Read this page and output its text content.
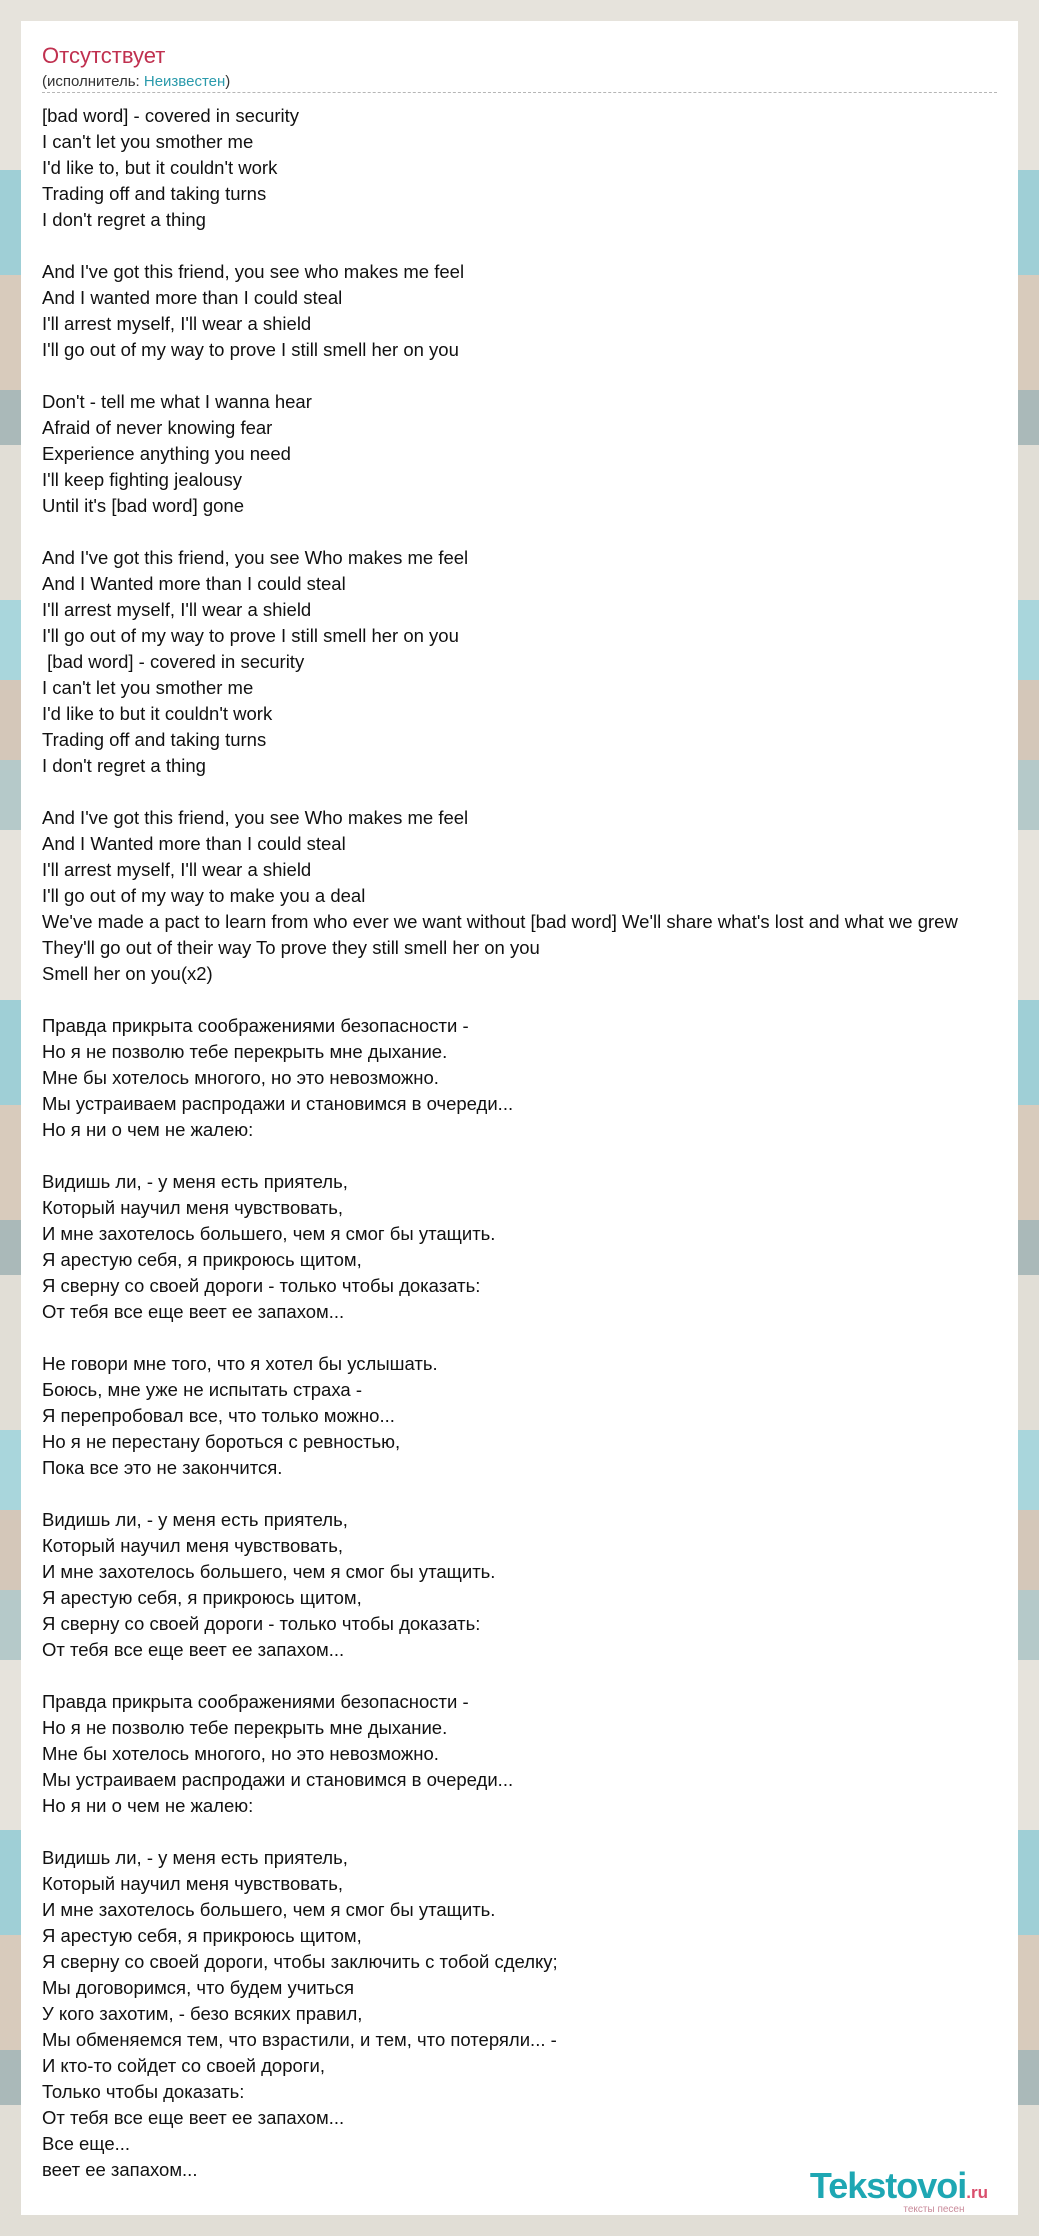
Отсутствует
(исполнитель: Неизвестен)
[bad word] - covered in security
I can't let you smother me
I'd like to, but it couldn't work
Trading off and taking turns
I don't regret a thing

And I've got this friend, you see who makes me feel
And I wanted more than I could steal
I'll arrest myself, I'll wear a shield
I'll go out of my way to prove I still smell her on you

Don't - tell me what I wanna hear
Afraid of never knowing fear
Experience anything you need
I'll keep fighting jealousy
Until it's [bad word] gone

And I've got this friend, you see Who makes me feel
And I Wanted more than I could steal
I'll arrest myself, I'll wear a shield
I'll go out of my way to prove I still smell her on you
[bad word] - covered in security
I can't let you smother me
I'd like to but it couldn't work
Trading off and taking turns
I don't regret a thing

And I've got this friend, you see Who makes me feel
And I Wanted more than I could steal
I'll arrest myself, I'll wear a shield
I'll go out of my way to make you a deal
We've made a pact to learn from who ever we want without [bad word] We'll share what's lost and what we grew
They'll go out of their way To prove they still smell her on you
Smell her on you(x2)

Правда прикрыта соображениями безопасности -
Но я не позволю тебе перекрыть мне дыхание.
Мне бы хотелось многого, но это невозможно.
Мы устраиваем распродажи и становимся в очереди...
Но я ни о чем не жалею:

Видишь ли, - у меня есть приятель,
Который научил меня чувствовать,
И мне захотелось большего, чем я смог бы утащить.
Я арестую себя, я прикроюсь щитом,
Я сверну со своей дороги - только чтобы доказать:
От тебя все еще веет ее запахом...

Не говори мне того, что я хотел бы услышать.
Боюсь, мне уже не испытать страха -
Я перепробовал все, что только можно...
Но я не перестану бороться с ревностью,
Пока все это не закончится.

Видишь ли, - у меня есть приятель,
Который научил меня чувствовать,
И мне захотелось большего, чем я смог бы утащить.
Я арестую себя, я прикроюсь щитом,
Я сверну со своей дороги - только чтобы доказать:
От тебя все еще веет ее запахом...

Правда прикрыта соображениями безопасности -
Но я не позволю тебе перекрыть мне дыхание.
Мне бы хотелось многого, но это невозможно.
Мы устраиваем распродажи и становимся в очереди...
Но я ни о чем не жалею:

Видишь ли, - у меня есть приятель,
Который научил меня чувствовать,
И мне захотелось большего, чем я смог бы утащить.
Я арестую себя, я прикроюсь щитом,
Я сверну со своей дороги, чтобы заключить с тобой сделку;
Мы договоримся, что будем учиться
У кого захотим, - безо всяких правил,
Мы обменяемся тем, что взрастили, и тем, что потеряли... -
И кто-то сойдет со своей дороги,
Только чтобы доказать:
От тебя все еще веет ее запахом...
Все еще...
веет ее запахом...	Tekstovoi.ru
тексты песен
